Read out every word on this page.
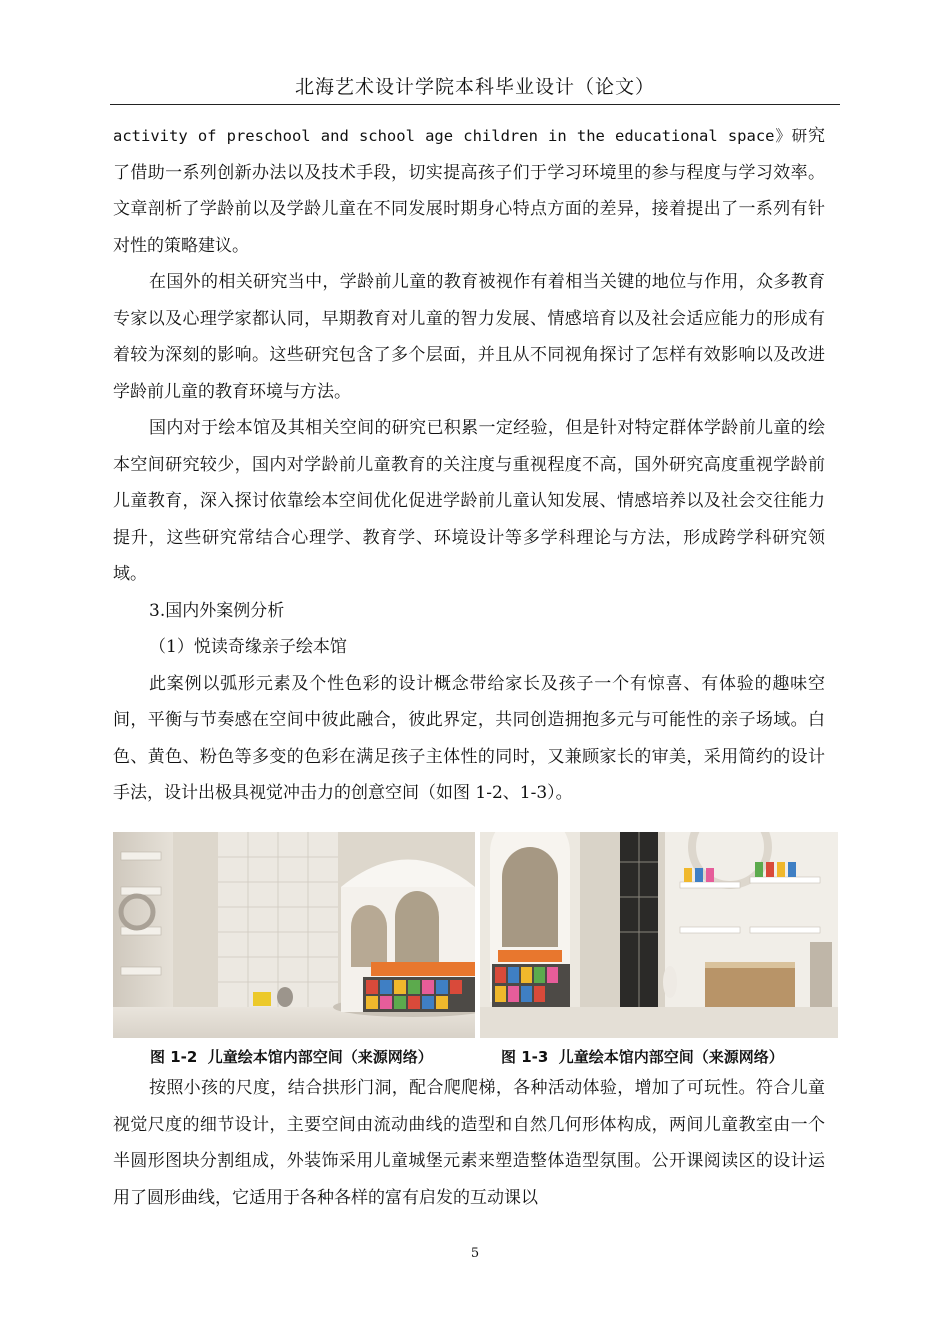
北海艺术设计学院本科毕业设计（论文）

activity of preschool and school age children in the educational space》研究了借助一系列创新办法以及技术手段，切实提高孩子们于学习环境里的参与程度与学习效率。文章剖析了学龄前以及学龄儿童在不同发展时期身心特点方面的差异，接着提出了一系列有针对性的策略建议。

在国外的相关研究当中，学龄前儿童的教育被视作有着相当关键的地位与作用，众多教育专家以及心理学家都认同，早期教育对儿童的智力发展、情感培育以及社会适应能力的形成有着较为深刻的影响。这些研究包含了多个层面，并且从不同视角探讨了怎样有效影响以及改进学龄前儿童的教育环境与方法。

国内对于绘本馆及其相关空间的研究已积累一定经验，但是针对特定群体学龄前儿童的绘本空间研究较少，国内对学龄前儿童教育的关注度与重视程度不高，国外研究高度重视学龄前儿童教育，深入探讨依靠绘本空间优化促进学龄前儿童认知发展、情感培养以及社会交往能力提升，这些研究常结合心理学、教育学、环境设计等多学科理论与方法，形成跨学科研究领域。

3.国内外案例分析

（1）悦读奇缘亲子绘本馆

此案例以弧形元素及个性色彩的设计概念带给家长及孩子一个有惊喜、有体验的趣味空间，平衡与节奏感在空间中彼此融合，彼此界定，共同创造拥抱多元与可能性的亲子场域。白色、黄色、粉色等多变的色彩在满足孩子主体性的同时，又兼顾家长的审美，采用简约的设计手法，设计出极具视觉冲击力的创意空间（如图 1-2、1-3）。

图 1-2  儿童绘本馆内部空间（来源网络）	图 1-3  儿童绘本馆内部空间（来源网络）

按照小孩的尺度，结合拱形门洞，配合爬爬梯，各种活动体验，增加了可玩性。符合儿童视觉尺度的细节设计，主要空间由流动曲线的造型和自然几何形体构成，两间儿童教室由一个半圆形图块分割组成，外装饰采用儿童城堡元素来塑造整体造型氛围。公开课阅读区的设计运用了圆形曲线，它适用于各种各样的富有启发的互动课以

5
